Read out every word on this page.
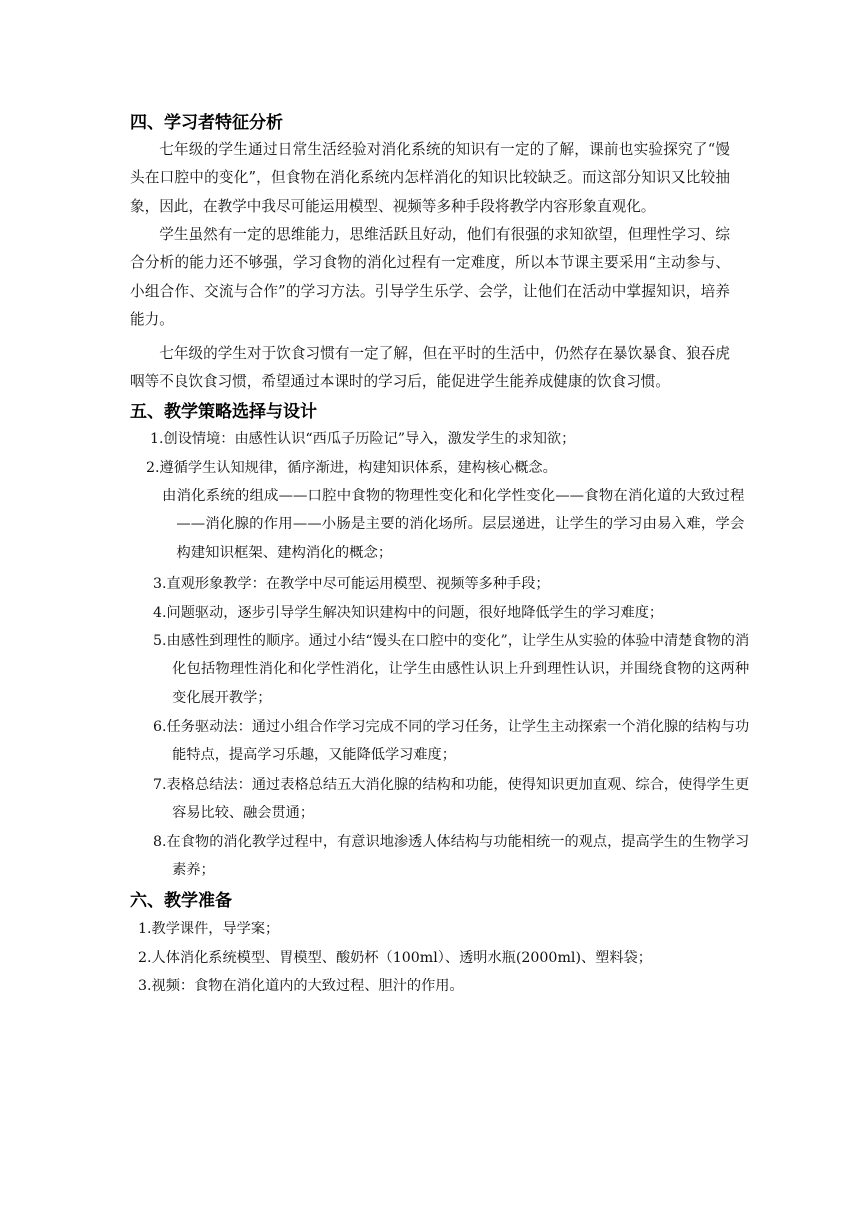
四、学习者特征分析

七年级的学生通过日常生活经验对消化系统的知识有一定的了解，课前也实验探究了“馒头在口腔中的变化”，但食物在消化系统内怎样消化的知识比较缺乏。而这部分知识又比较抽象，因此，在教学中我尽可能运用模型、视频等多种手段将教学内容形象直观化。

学生虽然有一定的思维能力，思维活跃且好动，他们有很强的求知欲望，但理性学习、综合分析的能力还不够强，学习食物的消化过程有一定难度，所以本节课主要采用“主动参与、小组合作、交流与合作”的学习方法。引导学生乐学、会学，让他们在活动中掌握知识，培养能力。

七年级的学生对于饮食习惯有一定了解，但在平时的生活中，仍然存在暴饮暴食、狼吞虎咽等不良饮食习惯，希望通过本课时的学习后，能促进学生能养成健康的饮食习惯。

五、教学策略选择与设计

1.创设情境：由感性认识“西瓜子历险记”导入，激发学生的求知欲；

2.遵循学生认知规律，循序渐进，构建知识体系，建构核心概念。

由消化系统的组成——口腔中食物的物理性变化和化学性变化——食物在消化道的大致过程——消化腺的作用——小肠是主要的消化场所。层层递进，让学生的学习由易入难，学会构建知识框架、建构消化的概念；

3.直观形象教学：在教学中尽可能运用模型、视频等多种手段；

4.问题驱动，逐步引导学生解决知识建构中的问题，很好地降低学生的学习难度；

5.由感性到理性的顺序。通过小结“馒头在口腔中的变化”，让学生从实验的体验中清楚食物的消化包括物理性消化和化学性消化，让学生由感性认识上升到理性认识，并围绕食物的这两种变化展开教学；

6.任务驱动法：通过小组合作学习完成不同的学习任务，让学生主动探索一个消化腺的结构与功能特点，提高学习乐趣，又能降低学习难度；

7.表格总结法：通过表格总结五大消化腺的结构和功能，使得知识更加直观、综合，使得学生更容易比较、融会贯通；

8.在食物的消化教学过程中，有意识地渗透人体结构与功能相统一的观点，提高学生的生物学习素养；

六、教学准备

1.教学课件，导学案；

2.人体消化系统模型、胃模型、酸奶杯（100ml）、透明水瓶(2000ml)、塑料袋；

3.视频：食物在消化道内的大致过程、胆汁的作用。
